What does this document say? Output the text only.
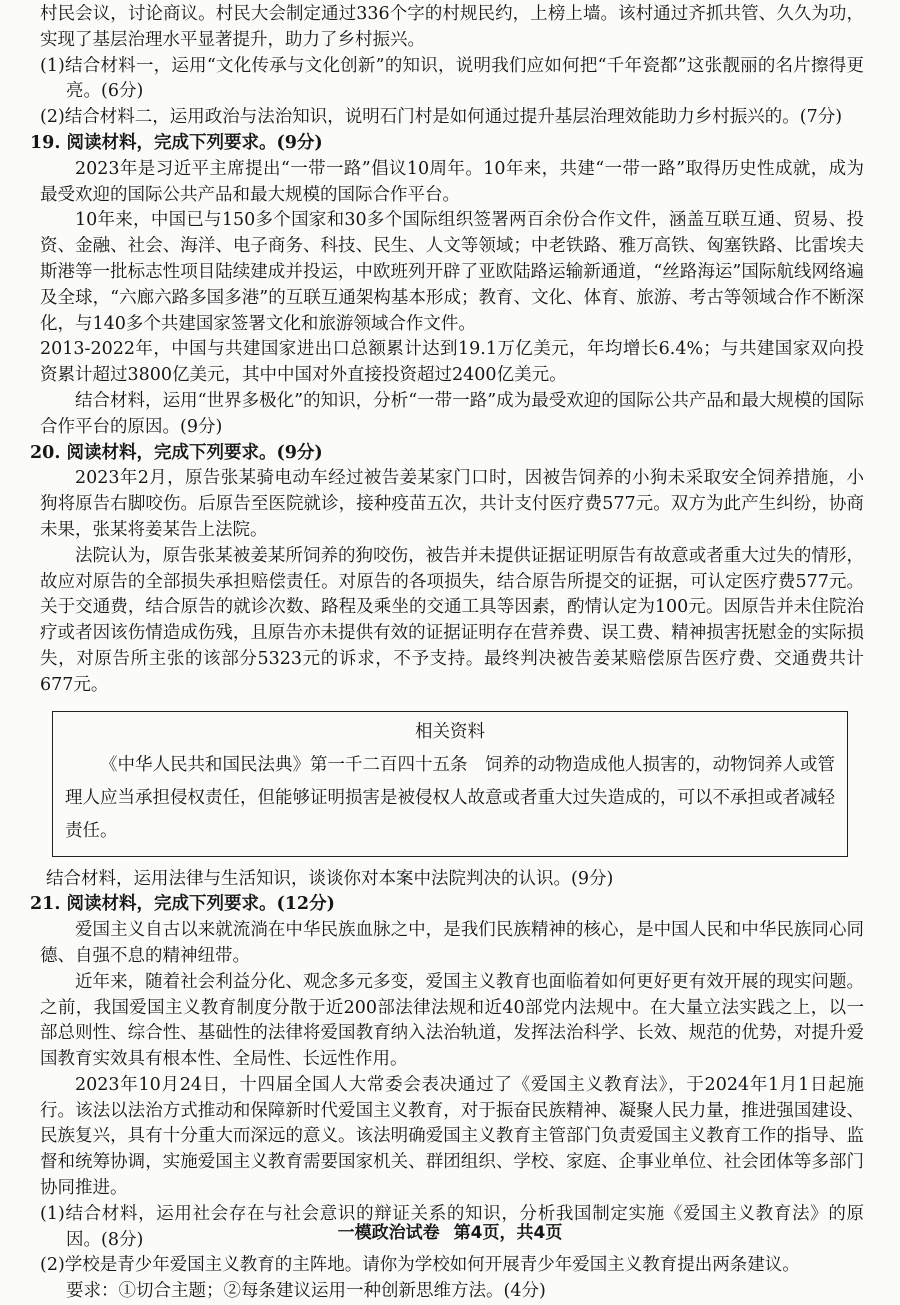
村民会议，讨论商议。村民大会制定通过336个字的村规民约，上榜上墙。该村通过齐抓共管、久久为功，实现了基层治理水平显著提升，助力了乡村振兴。

(1)结合材料一，运用“文化传承与文化创新”的知识，说明我们应如何把“千年瓷都”这张靓丽的名片擦得更亮。(6分)

(2)结合材料二，运用政治与法治知识，说明石门村是如何通过提升基层治理效能助力乡村振兴的。(7分)

19. 阅读材料，完成下列要求。(9分)

2023年是习近平主席提出“一带一路”倡议10周年。10年来，共建“一带一路”取得历史性成就，成为最受欢迎的国际公共产品和最大规模的国际合作平台。

10年来，中国已与150多个国家和30多个国际组织签署两百余份合作文件，涵盖互联互通、贸易、投资、金融、社会、海洋、电子商务、科技、民生、人文等领域；中老铁路、雅万高铁、匈塞铁路、比雷埃夫斯港等一批标志性项目陆续建成并投运，中欧班列开辟了亚欧陆路运输新通道，“丝路海运”国际航线网络遍及全球，“六廊六路多国多港”的互联互通架构基本形成；教育、文化、体育、旅游、考古等领域合作不断深化，与140多个共建国家签署文化和旅游领域合作文件。

2013-2022年，中国与共建国家进出口总额累计达到19.1万亿美元，年均增长6.4%；与共建国家双向投资累计超过3800亿美元，其中中国对外直接投资超过2400亿美元。

结合材料，运用“世界多极化”的知识，分析“一带一路”成为最受欢迎的国际公共产品和最大规模的国际合作平台的原因。(9分)

20. 阅读材料，完成下列要求。(9分)

2023年2月，原告张某骑电动车经过被告姜某家门口时，因被告饲养的小狗未采取安全饲养措施，小狗将原告右脚咬伤。后原告至医院就诊，接种疫苗五次，共计支付医疗费577元。双方为此产生纠纷，协商未果，张某将姜某告上法院。

法院认为，原告张某被姜某所饲养的狗咬伤，被告并未提供证据证明原告有故意或者重大过失的情形，故应对原告的全部损失承担赔偿责任。对原告的各项损失，结合原告所提交的证据，可认定医疗费577元。关于交通费，结合原告的就诊次数、路程及乘坐的交通工具等因素，酌情认定为100元。因原告并未住院治疗或者因该伤情造成伤残，且原告亦未提供有效的证据证明存在营养费、误工费、精神损害抚慰金的实际损失，对原告所主张的该部分5323元的诉求，不予支持。最终判决被告姜某赔偿原告医疗费、交通费共计677元。

相关资料

《中华人民共和国民法典》第一千二百四十五条　饲养的动物造成他人损害的，动物饲养人或管理人应当承担侵权责任，但能够证明损害是被侵权人故意或者重大过失造成的，可以不承担或者减轻责任。

结合材料，运用法律与生活知识，谈谈你对本案中法院判决的认识。(9分)

21. 阅读材料，完成下列要求。(12分)

爱国主义自古以来就流淌在中华民族血脉之中，是我们民族精神的核心，是中国人民和中华民族同心同德、自强不息的精神纽带。

近年来，随着社会利益分化、观念多元多变，爱国主义教育也面临着如何更好更有效开展的现实问题。之前，我国爱国主义教育制度分散于近200部法律法规和近40部党内法规中。在大量立法实践之上，以一部总则性、综合性、基础性的法律将爱国教育纳入法治轨道，发挥法治科学、长效、规范的优势，对提升爱国教育实效具有根本性、全局性、长远性作用。

2023年10月24日，十四届全国人大常委会表决通过了《爱国主义教育法》，于2024年1月1日起施行。该法以法治方式推动和保障新时代爱国主义教育，对于振奋民族精神、凝聚人民力量，推进强国建设、民族复兴，具有十分重大而深远的意义。该法明确爱国主义教育主管部门负责爱国主义教育工作的指导、监督和统筹协调，实施爱国主义教育需要国家机关、群团组织、学校、家庭、企事业单位、社会团体等多部门协同推进。

(1)结合材料，运用社会存在与社会意识的辩证关系的知识，分析我国制定实施《爱国主义教育法》的原因。(8分)

(2)学校是青少年爱国主义教育的主阵地。请你为学校如何开展青少年爱国主义教育提出两条建议。

要求：①切合主题；②每条建议运用一种创新思维方法。(4分)

一模政治试卷 第4页，共4页
